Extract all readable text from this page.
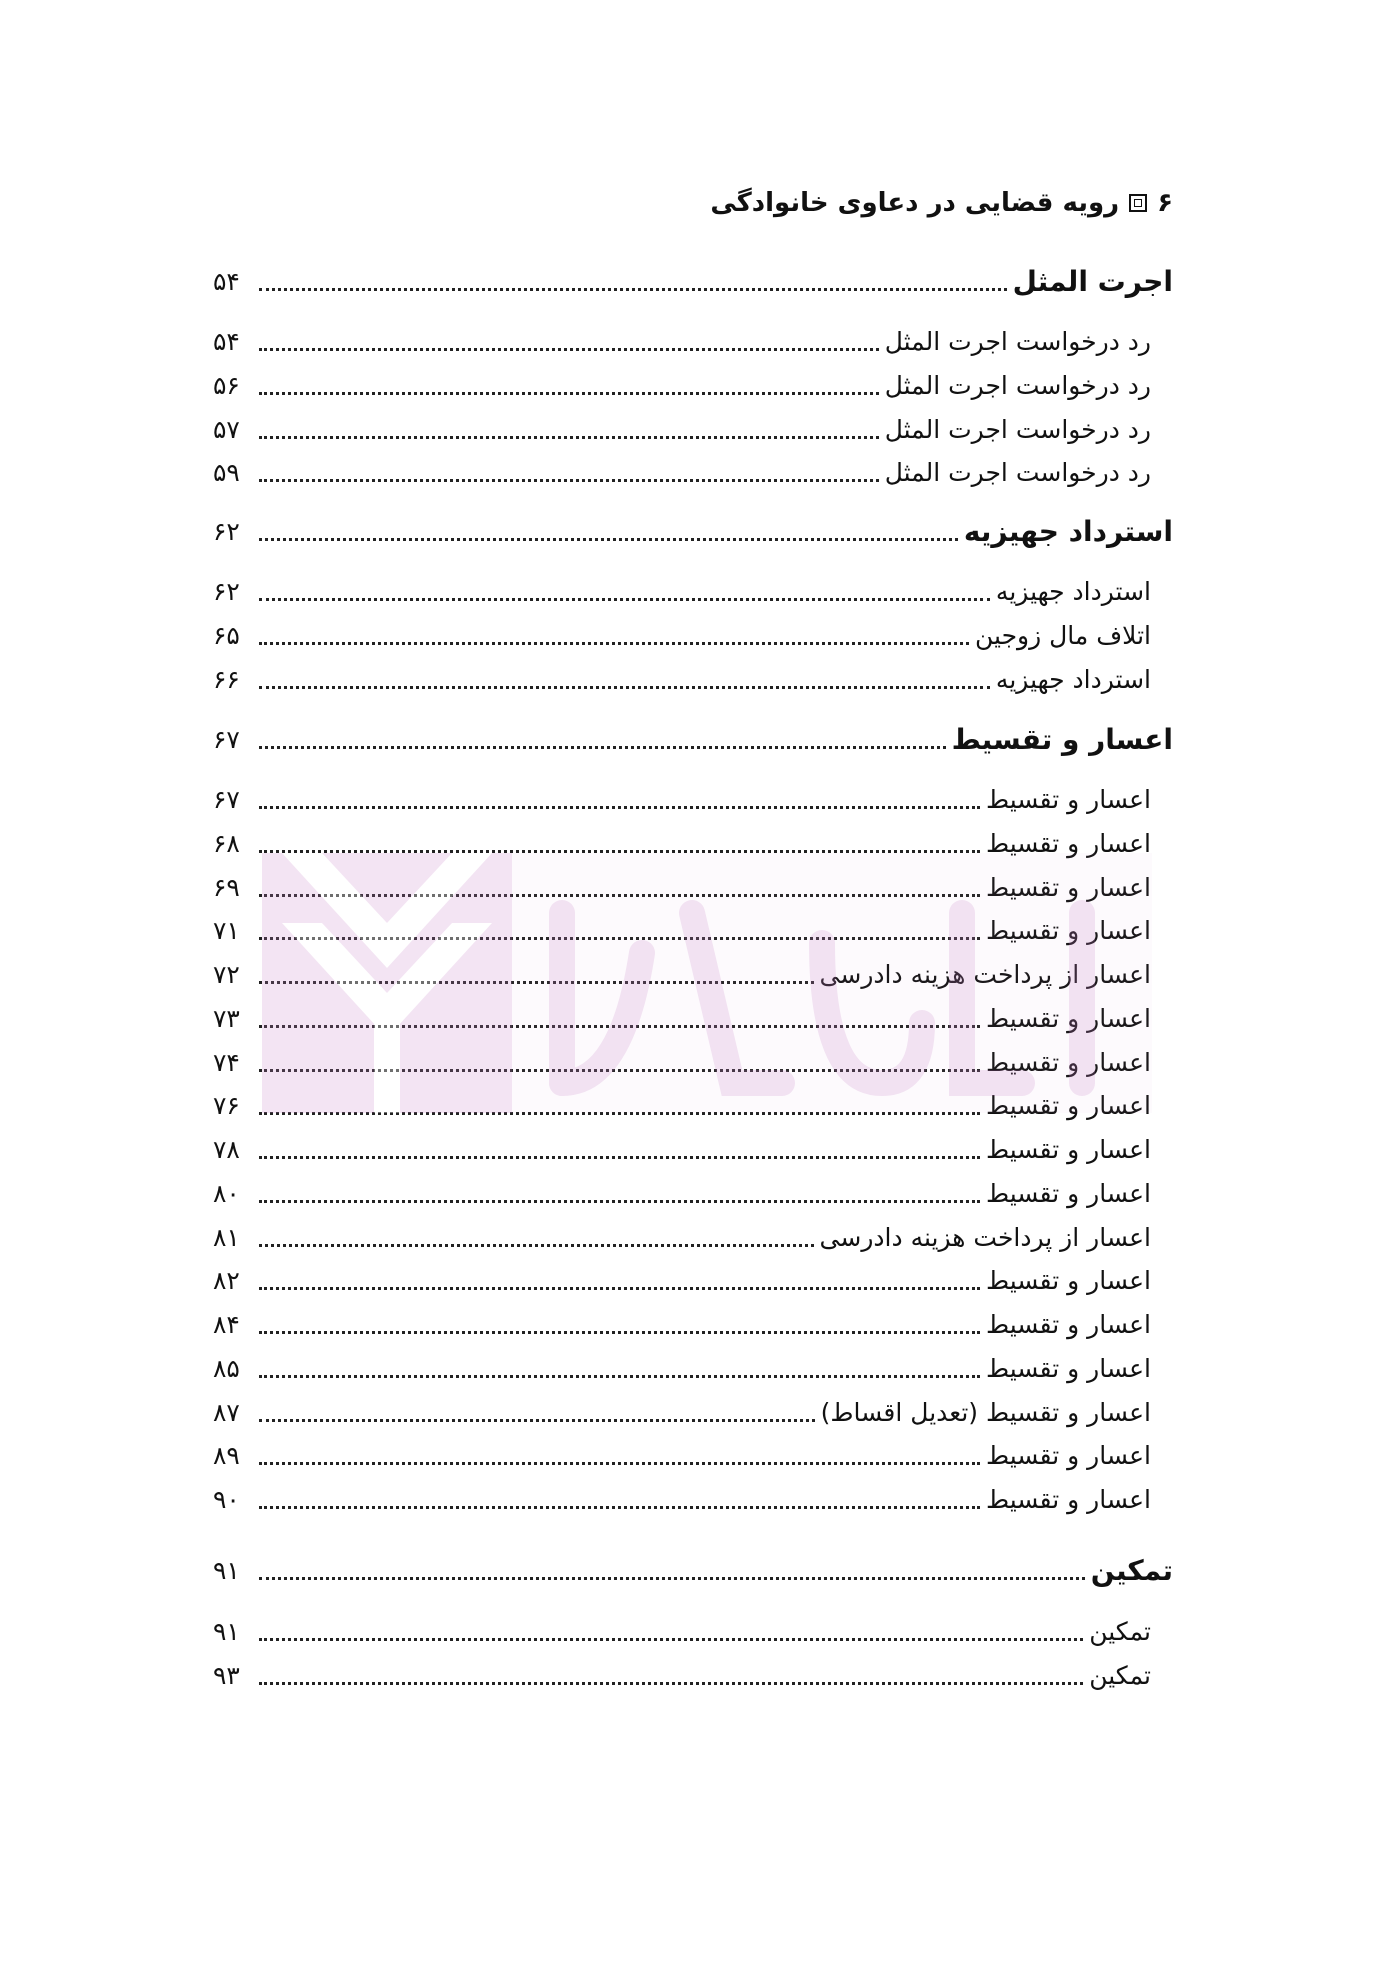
۶
رویه قضایی در دعاوی خانوادگی
اجرت المثل
۵۴
رد درخواست اجرت المثل
۵۴
رد درخواست اجرت المثل
۵۶
رد درخواست اجرت المثل
۵۷
رد درخواست اجرت المثل
۵۹
استرداد جهیزیه
۶۲
استرداد جهیزیه
۶۲
اتلاف مال زوجین
۶۵
استرداد جهیزیه
۶۶
اعسار و تقسیط
۶۷
اعسار و تقسیط
۶۷
اعسار و تقسیط
۶۸
اعسار و تقسیط
۶۹
اعسار و تقسیط
۷۱
اعسار از پرداخت هزینه دادرسی
۷۲
اعسار و تقسیط
۷۳
اعسار و تقسیط
۷۴
اعسار و تقسیط
۷۶
اعسار و تقسیط
۷۸
اعسار و تقسیط
۸۰
اعسار از پرداخت هزینه دادرسی
۸۱
اعسار و تقسیط
۸۲
اعسار و تقسیط
۸۴
اعسار و تقسیط
۸۵
اعسار و تقسیط (تعدیل اقساط)
۸۷
اعسار و تقسیط
۸۹
اعسار و تقسیط
۹۰
تمکین
۹۱
تمکین
۹۱
تمکین
۹۳
